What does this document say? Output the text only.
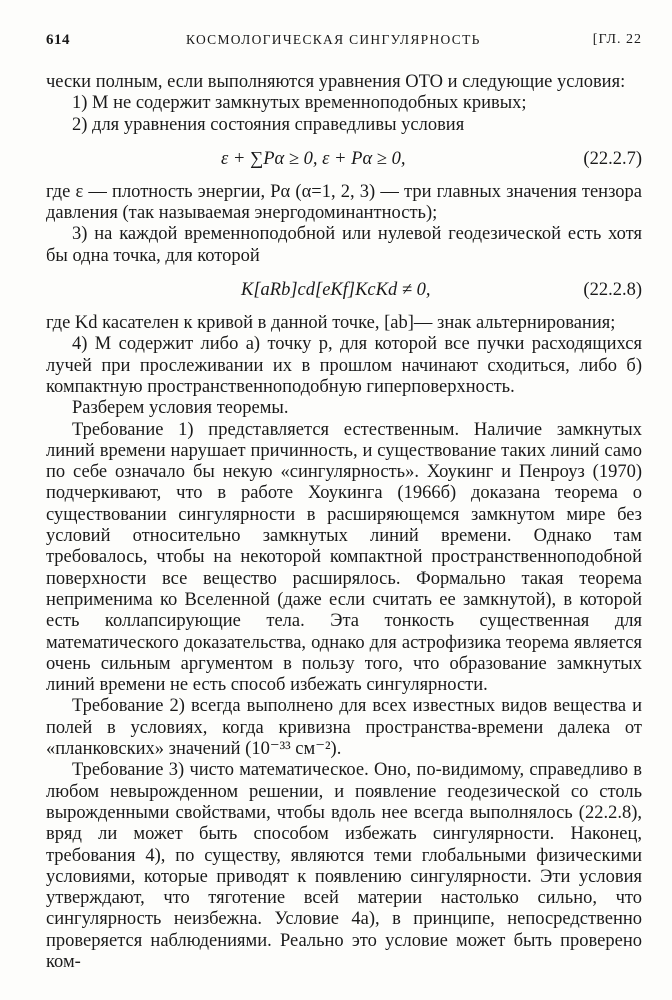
614	КОСМОЛОГИЧЕСКАЯ СИНГУЛЯРНОСТЬ	[ГЛ. 22

чески полным, если выполняются уравнения ОТО и следующие условия:

1) M не содержит замкнутых временноподобных кривых;

2) для уравнения состояния справедливы условия

ε + ∑Pα ≥ 0, ε + Pα ≥ 0,	(22.2.7)

где ε — плотность энергии, Pα (α=1, 2, 3) — три главных значения тензора давления (так называемая энергодоминантность);

3) на каждой временноподобной или нулевой геодезической есть хотя бы одна точка, для которой

K[aRb]cd[eKf]KcKd ≠ 0,	(22.2.8)

где Kd касателен к кривой в данной точке, [ab]— знак альтернирования;

4) M содержит либо а) точку p, для которой все пучки расходящихся лучей при прослеживании их в прошлом начинают сходиться, либо б) компактную пространственноподобную гиперповерхность.

Разберем условия теоремы.

Требование 1) представляется естественным. Наличие замкнутых линий времени нарушает причинность, и существование таких линий само по себе означало бы некую «сингулярность». Хоукинг и Пенроуз (1970) подчеркивают, что в работе Хоукинга (1966б) доказана теорема о существовании сингулярности в расширяющемся замкнутом мире без условий относительно замкнутых линий времени. Однако там требовалось, чтобы на некоторой компактной пространственноподобной поверхности все вещество расширялось. Формально такая теорема неприменима ко Вселенной (даже если считать ее замкнутой), в которой есть коллапсирующие тела. Эта тонкость существенная для математического доказательства, однако для астрофизика теорема является очень сильным аргументом в пользу того, что образование замкнутых линий времени не есть способ избежать сингулярности.

Требование 2) всегда выполнено для всех известных видов вещества и полей в условиях, когда кривизна пространства-времени далека от «планковских» значений (10⁻³³ см⁻²).

Требование 3) чисто математическое. Оно, по-видимому, справедливо в любом невырожденном решении, и появление геодезической со столь вырожденными свойствами, чтобы вдоль нее всегда выполнялось (22.2.8), вряд ли может быть способом избежать сингулярности. Наконец, требования 4), по существу, являются теми глобальными физическими условиями, которые приводят к появлению сингулярности. Эти условия утверждают, что тяготение всей материи настолько сильно, что сингулярность неизбежна. Условие 4а), в принципе, непосредственно проверяется наблюдениями. Реально это условие может быть проверено ком-
